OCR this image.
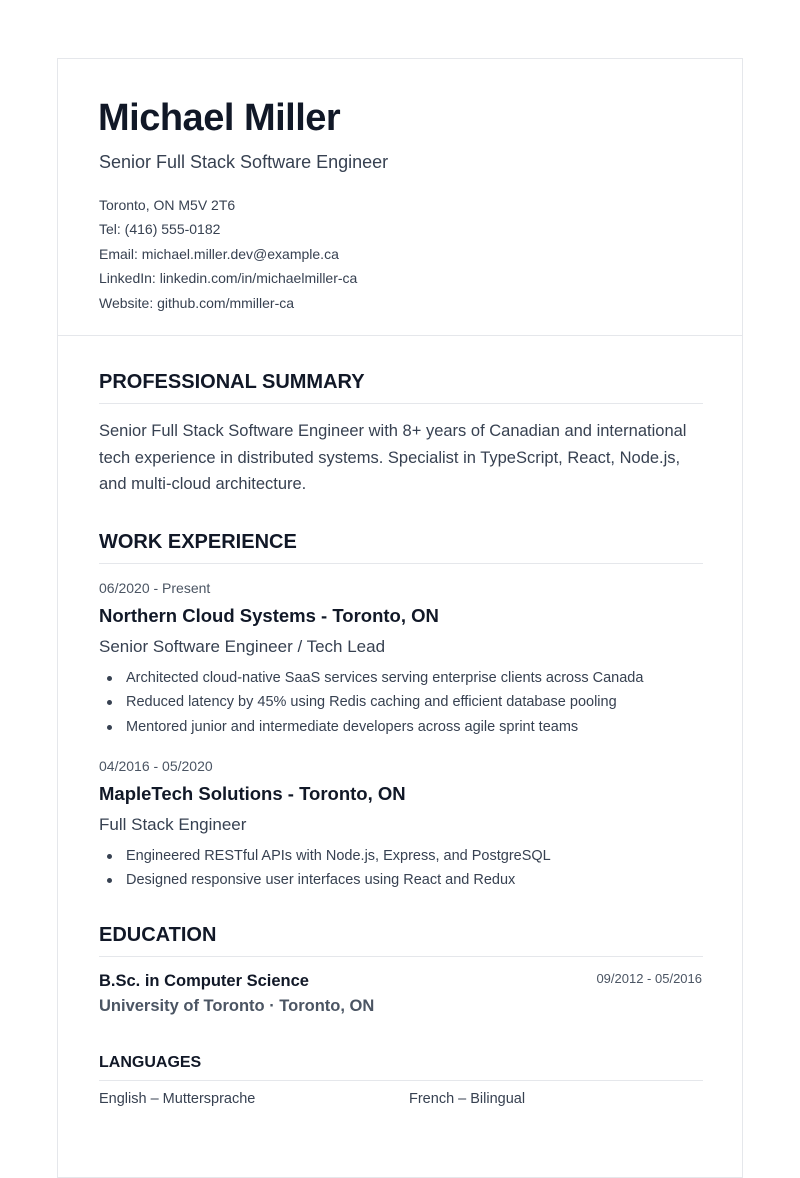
Michael Miller
Senior Full Stack Software Engineer
Toronto, ON M5V 2T6
Tel: (416) 555-0182
Email: michael.miller.dev@example.ca
LinkedIn: linkedin.com/in/michaelmiller-ca
Website: github.com/mmiller-ca
PROFESSIONAL SUMMARY
Senior Full Stack Software Engineer with 8+ years of Canadian and international tech experience in distributed systems. Specialist in TypeScript, React, Node.js, and multi-cloud architecture.
WORK EXPERIENCE
06/2020 - Present
Northern Cloud Systems - Toronto, ON
Senior Software Engineer / Tech Lead
Architected cloud-native SaaS services serving enterprise clients across Canada
Reduced latency by 45% using Redis caching and efficient database pooling
Mentored junior and intermediate developers across agile sprint teams
04/2016 - 05/2020
MapleTech Solutions - Toronto, ON
Full Stack Engineer
Engineered RESTful APIs with Node.js, Express, and PostgreSQL
Designed responsive user interfaces using React and Redux
EDUCATION
B.Sc. in Computer Science
University of Toronto · Toronto, ON
09/2012 - 05/2016
LANGUAGES
English – Muttersprache	French – Bilingual
